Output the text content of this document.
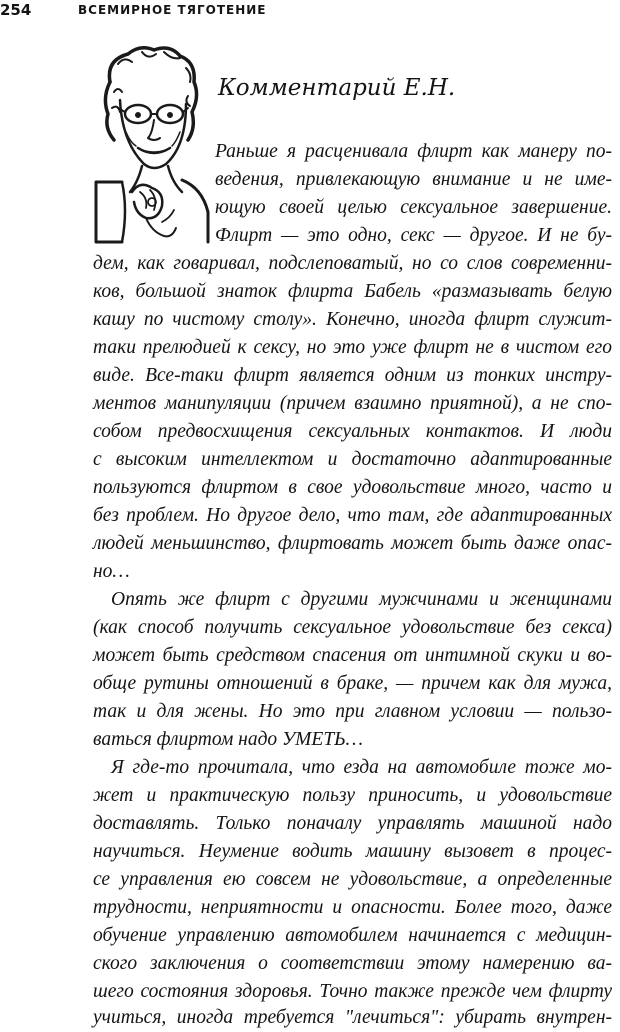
254	ВСЕМИРНОЕ ТЯГОТЕНИЕ
Комментарий Е.Н.
Раньше я расценивала флирт как манеру по-
ведения, привлекающую внимание и не име-
ющую своей целью сексуальное завершение.
Флирт — это одно, секс — другое. И не бу-
дем, как говаривал, подслеповатый, но со слов современни-
ков, большой знаток флирта Бабель «размазывать белую
кашу по чистому столу». Конечно, иногда флирт служит-
таки прелюдией к сексу, но это уже флирт не в чистом его
виде. Все-таки флирт является одним из тонких инстру-
ментов манипуляции (причем взаимно приятной), а не спо-
собом предвосхищения сексуальных контактов. И люди
с высоким интеллектом и достаточно адаптированные
пользуются флиртом в свое удовольствие много, часто и
без проблем. Но другое дело, что там, где адаптированных
людей меньшинство, флиртовать может быть даже опас-
но…
Опять же флирт с другими мужчинами и женщинами
(как способ получить сексуальное удовольствие без секса)
может быть средством спасения от интимной скуки и во-
обще рутины отношений в браке, — причем как для мужа,
так и для жены. Но это при главном условии — пользо-
ваться флиртом надо УМЕТЬ…
Я где-то прочитала, что езда на автомобиле тоже мо-
жет и практическую пользу приносить, и удовольствие
доставлять. Только поначалу управлять машиной надо
научиться. Неумение водить машину вызовет в процес-
се управления ею совсем не удовольствие, а определенные
трудности, неприятности и опасности. Более того, даже
обучение управлению автомобилем начинается с медицин-
ского заключения о соответствии этому намерению ва-
шего состояния здоровья. Точно также прежде чем флирту
учиться, иногда требуется "лечиться": убирать внутрен-
